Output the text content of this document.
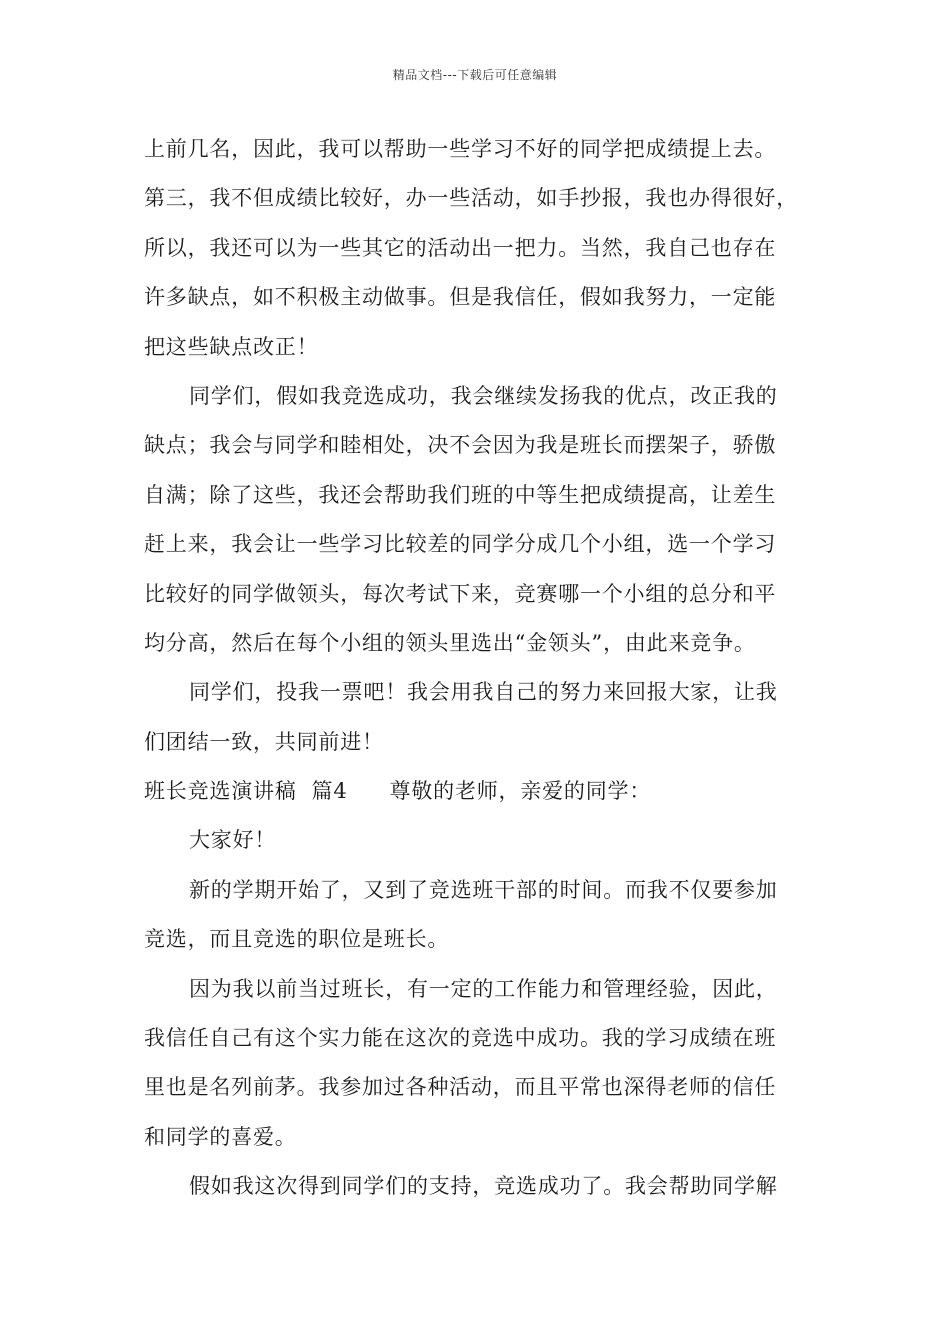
精品文档---下载后可任意编辑
上前几名，因此，我可以帮助一些学习不好的同学把成绩提上去。
第三，我不但成绩比较好，办一些活动，如手抄报，我也办得很好，
所以，我还可以为一些其它的活动出一把力。当然，我自己也存在
许多缺点，如不积极主动做事。但是我信任，假如我努力，一定能
把这些缺点改正！
同学们，假如我竞选成功，我会继续发扬我的优点，改正我的
缺点；我会与同学和睦相处，决不会因为我是班长而摆架子，骄傲
自满；除了这些，我还会帮助我们班的中等生把成绩提高，让差生
赶上来，我会让一些学习比较差的同学分成几个小组，选一个学习
比较好的同学做领头，每次考试下来，竞赛哪一个小组的总分和平
均分高，然后在每个小组的领头里选出“金领头”，由此来竞争。
同学们，投我一票吧！我会用我自己的努力来回报大家，让我
们团结一致，共同前进！
班长竞选演讲稿  篇4 尊敬的老师，亲爱的同学：
大家好！
新的学期开始了，又到了竞选班干部的时间。而我不仅要参加
竞选，而且竞选的职位是班长。
因为我以前当过班长，有一定的工作能力和管理经验，因此，
我信任自己有这个实力能在这次的竞选中成功。我的学习成绩在班
里也是名列前茅。我参加过各种活动，而且平常也深得老师的信任
和同学的喜爱。
假如我这次得到同学们的支持，竞选成功了。我会帮助同学解
